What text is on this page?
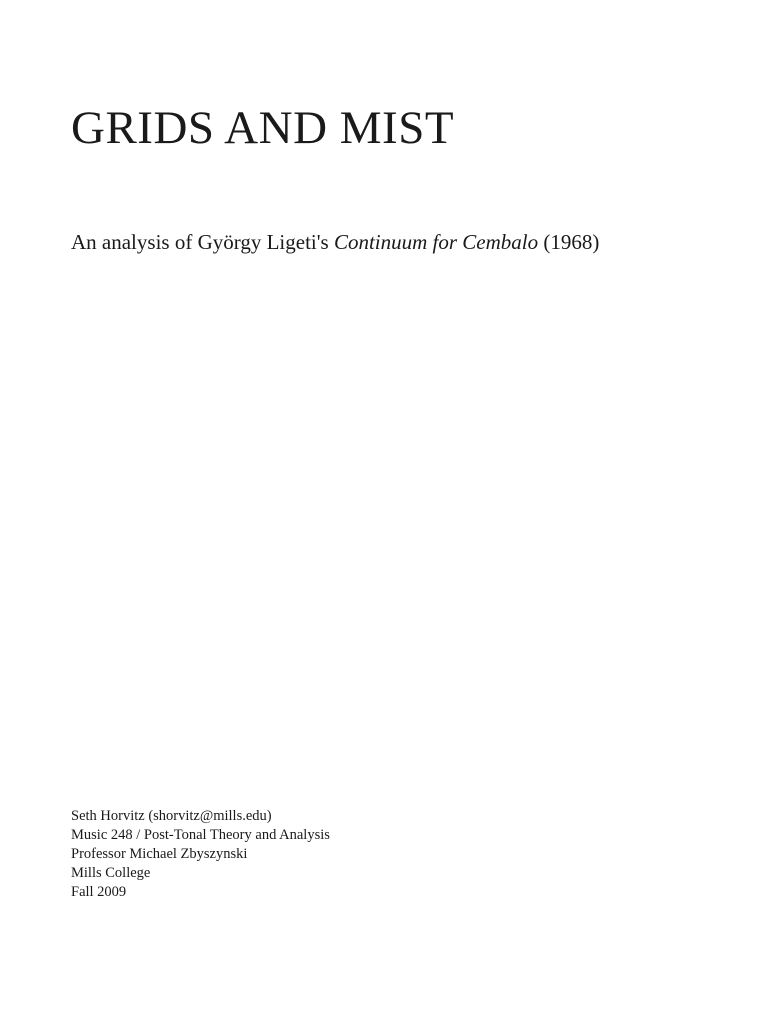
GRIDS AND MIST

An analysis of György Ligeti's Continuum for Cembalo (1968)

Seth Horvitz (shorvitz@mills.edu)
Music 248 / Post-Tonal Theory and Analysis
Professor Michael Zbyszynski
Mills College
Fall 2009
